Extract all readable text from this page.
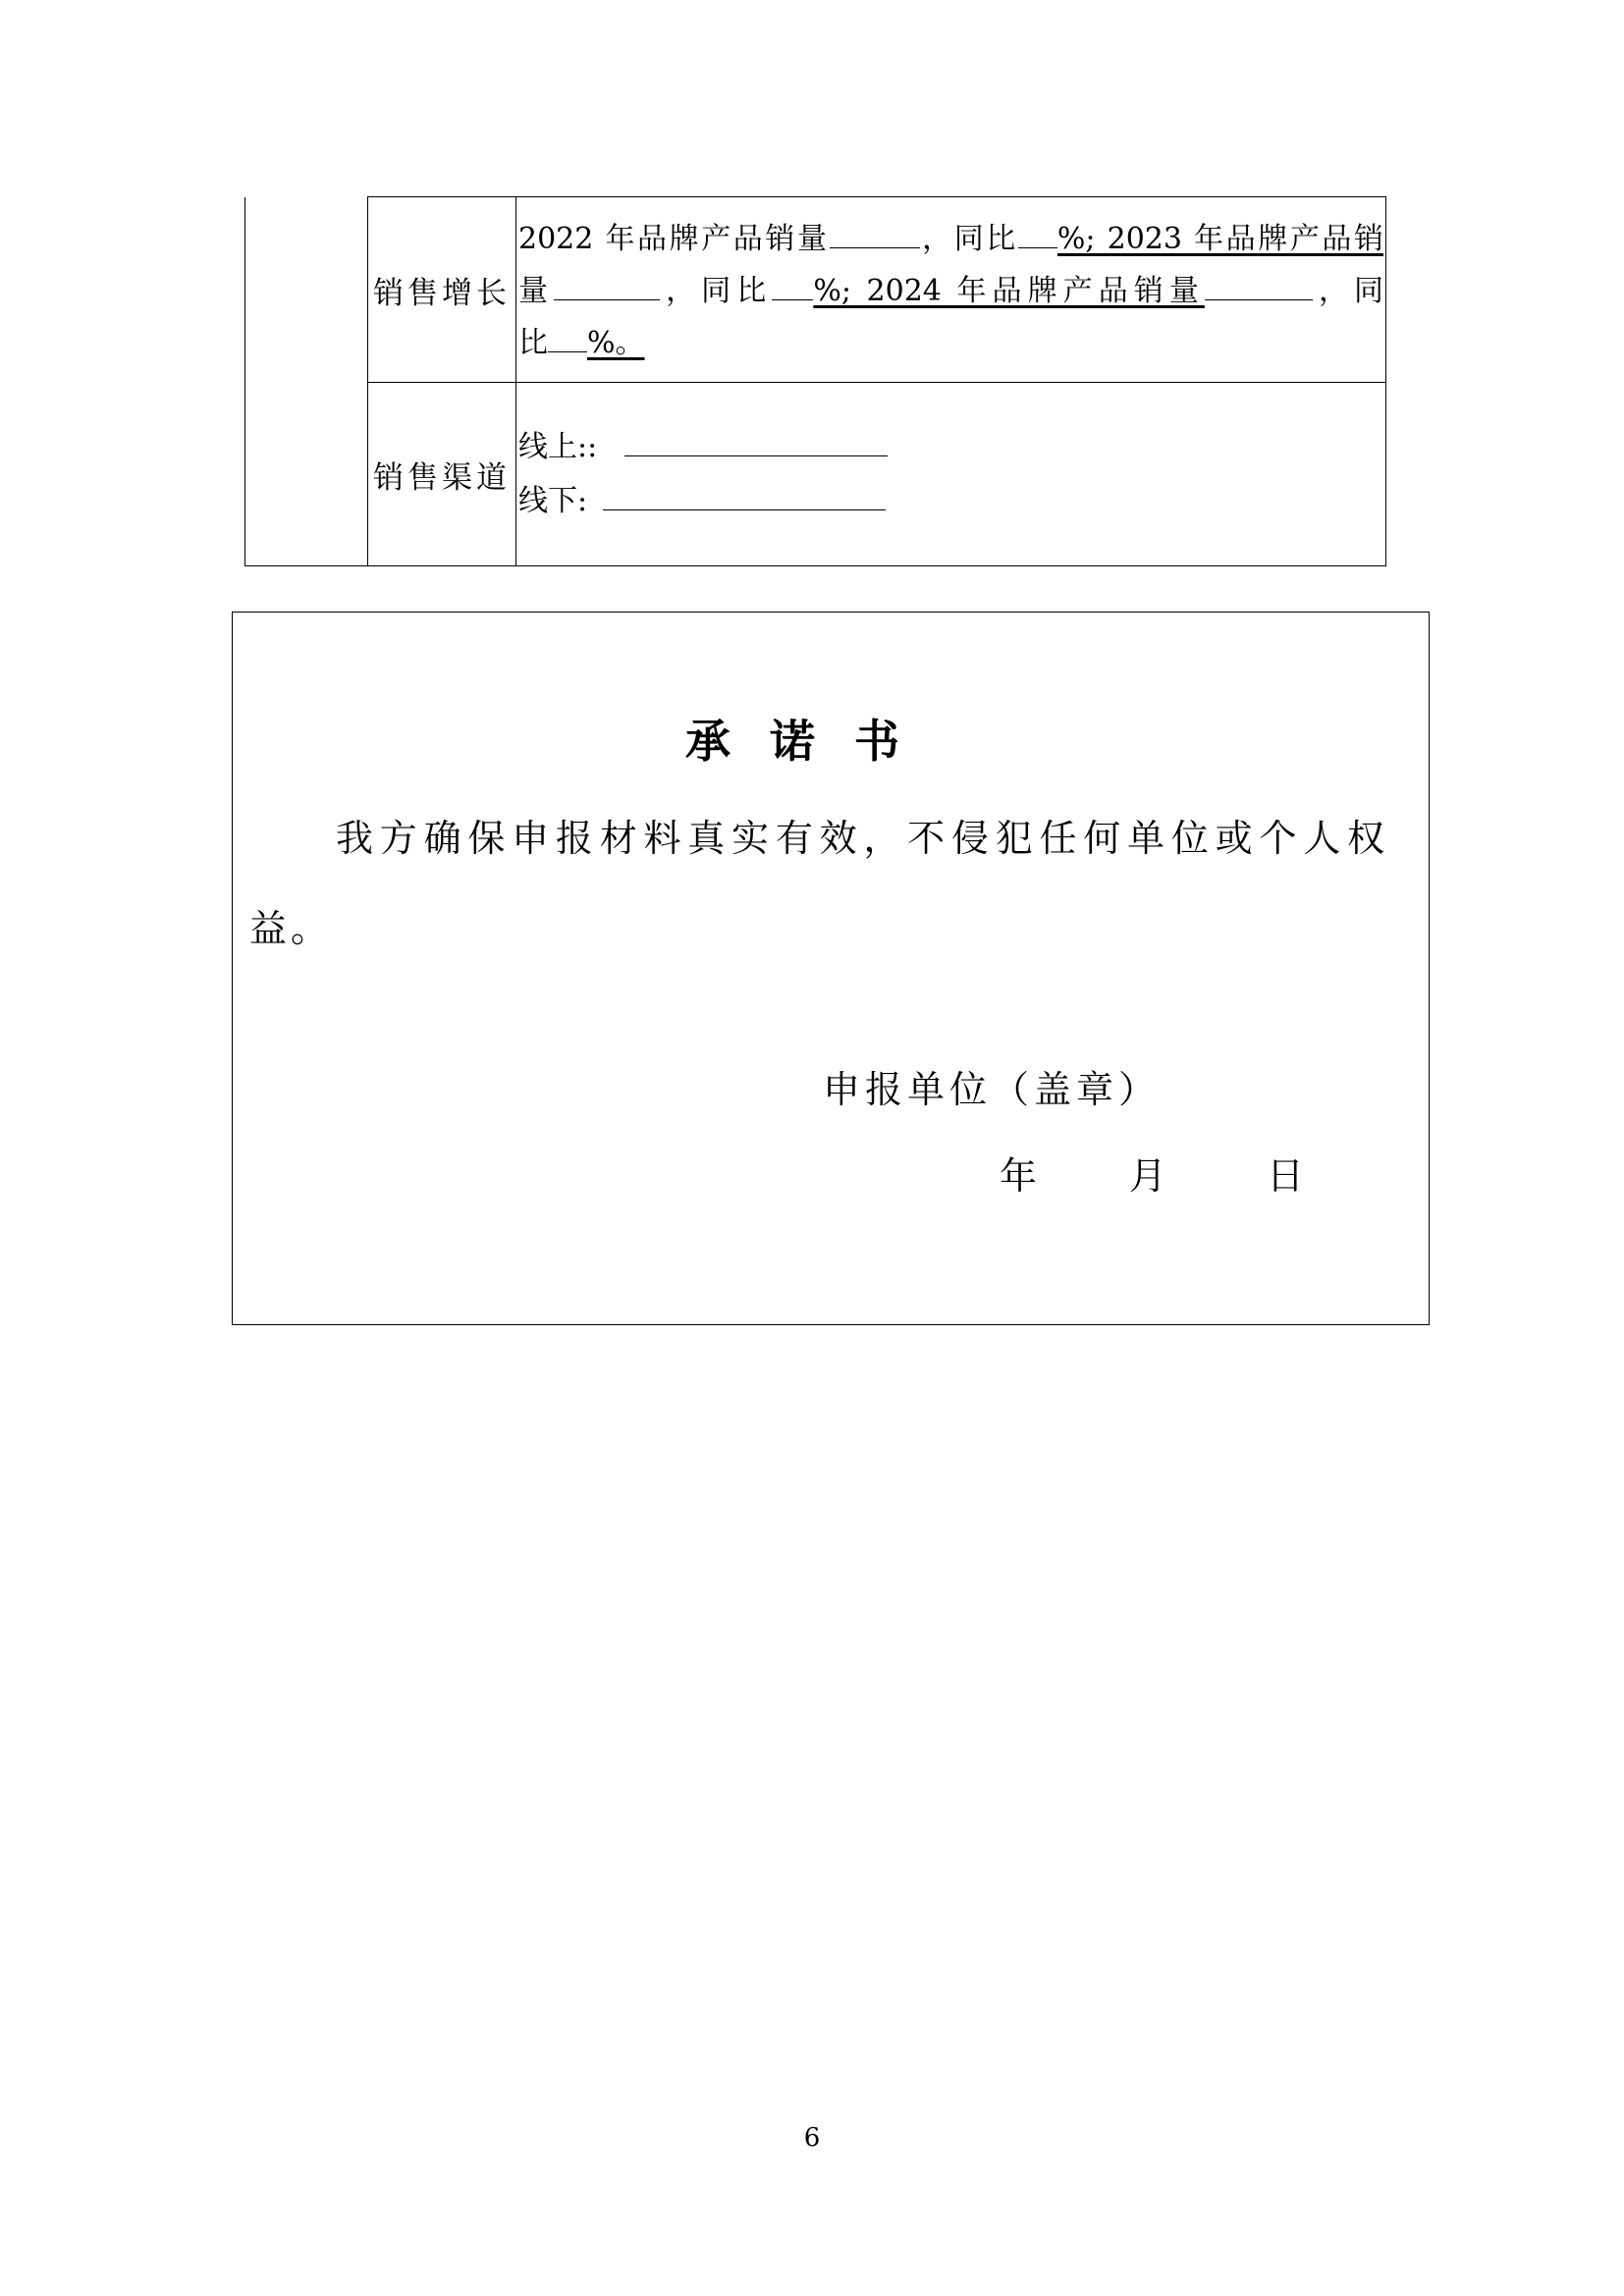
	销售增长	2022 年品牌产品销量 ，同比 %; 2023 年品牌产品销
量 ，同比 %; 2024 年品牌产品销量 ，同
比 %。

	销售渠道	线上::
线下:
承诺书
我方确保申报材料真实有效，不侵犯任何单位或个人权益。
申报单位（盖章）
年 月	日
6
